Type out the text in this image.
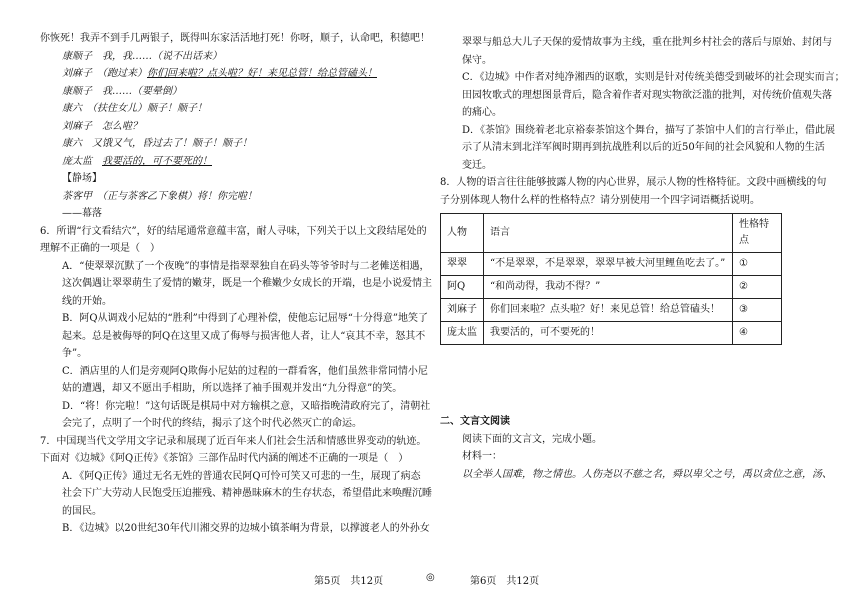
你恢死！我弄不到手几两银子，既得叫东家活活地打死！你呀，顺子，认命吧，积德吧！

康顺子　我，我……（说不出话来）

刘麻子　（跑过来）你们回来啦？点头啦？好！来见总管！给总管磕头！

康顺子　我……（要晕倒）

康六　（扶住女儿）顺子！顺子！

刘麻子　怎么啦？

康六　又饿又气，昏过去了！顺子！顺子！

庞太监　我要活的，可不要死的！

【静场】

茶客甲　（正与茶客乙下象棋）将！你完啦！

——幕落

6．所谓“行文看结穴”，好的结尾通常意蕴丰富，耐人寻味，下列关于以上文段结尾处的

理解不正确的一项是（　）

A．“使翠翠沉默了一个夜晚”的事情是指翠翠独自在码头等爷爷时与二老傩送相遇，

这次偶遇让翠翠萌生了爱情的嫩芽，既是一个稚嫩少女成长的开端，也是小说爱情主

线的开始。

B．阿Q从调戏小尼姑的“胜利”中得到了心理补偿，使他忘记屈辱“十分得意”地笑了

起来。总是被侮辱的阿Q在这里又成了侮辱与损害他人者，让人“哀其不幸，怒其不

争”。

C．酒店里的人们是旁观阿Q欺侮小尼姑的过程的一群看客，他们虽然非常同情小尼

姑的遭遇，却又不愿出手相助，所以选择了袖手围观并发出“九分得意”的笑。

D．“将！你完啦！”这句话既是棋局中对方输棋之意，又暗指晚清政府完了，清朝社

会完了，点明了一个时代的终结，揭示了这个时代必然灭亡的命运。

7．中国现当代文学用文字记录和展现了近百年来人们社会生活和情感世界变动的轨迹。

下面对《边城》《阿Q正传》《茶馆》三部作品时代内涵的阐述不正确的一项是（　）

A．《阿Q正传》通过无名无姓的普通农民阿Q可怜可笑又可悲的一生，展现了病态

社会下广大劳动人民饱受压迫摧残、精神愚昧麻木的生存状态，希望借此来唤醒沉睡

的国民。

B．《边城》以20世纪30年代川湘交界的边城小镇茶峒为背景，以撑渡老人的外孙女

翠翠与船总大儿子天保的爱情故事为主线，重在批判乡村社会的落后与原始、封闭与

保守。

C．《边城》中作者对纯净湘西的讴歌，实则是针对传统美德受到破坏的社会现实而言；

田园牧歌式的理想图景背后，隐含着作者对现实物欲泛滥的批判，对传统价值观失落

的痛心。

D．《茶馆》围绕着老北京裕泰茶馆这个舞台，描写了茶馆中人们的言行举止，借此展

示了从清末到北洋军阀时期再到抗战胜利以后的近50年间的社会风貌和人物的生活

变迁。

8．人物的语言往往能够披露人物的内心世界，展示人物的性格特征。文段中画横线的句

子分别体现人物什么样的性格特点？请分别使用一个四字词语概括说明。

人物	语言	性格特点
翠翠	“不是翠翠，不是翠翠，翠翠早被大河里鲤鱼吃去了。”	①
阿Q	“和尚动得，我动不得？”	②
刘麻子	你们回来啦？点头啦？好！来见总管！给总管磕头！	③
庞太监	我要活的，可不要死的！	④

二、文言文阅读

阅读下面的文言文，完成小题。

材料一：

以全举人国难，物之情也。人伤尧以不慈之名，舜以卑父之号，禹以贪位之意，汤、

第5页　共12页	◎	第6页　共12页
